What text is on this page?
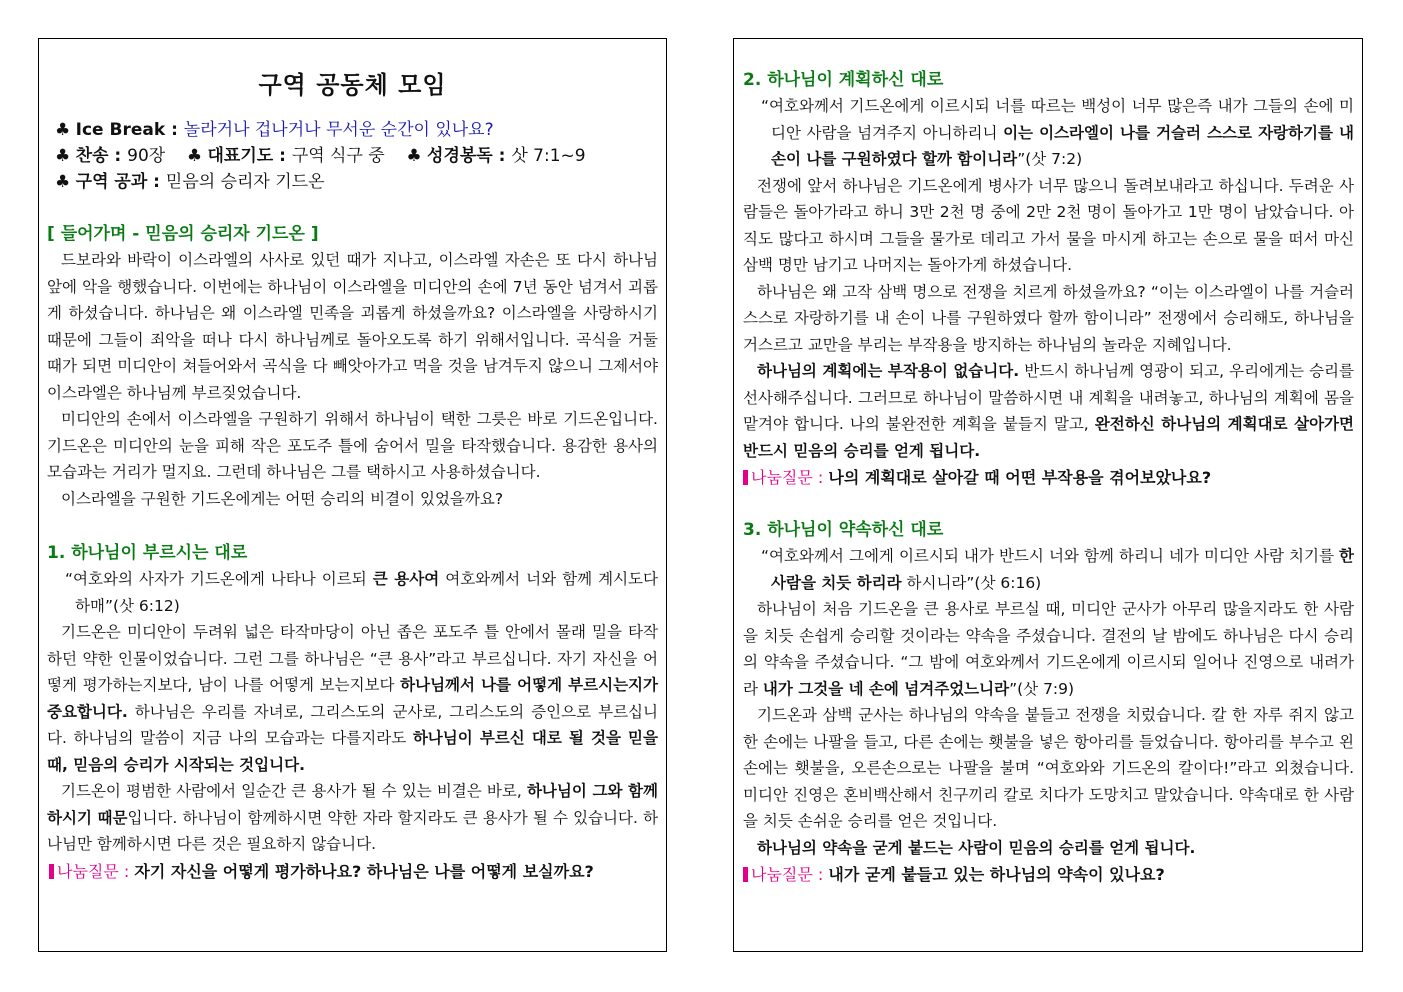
구역 공동체 모임
♣ Ice Break : 놀라거나 겁나거나 무서운 순간이 있나요?
♣ 찬송 : 90장 ♣ 대표기도 : 구역 식구 중 ♣ 성경봉독 : 삿 7:1~9
♣ 구역 공과 : 믿음의 승리자 기드온
[ 들어가며 - 믿음의 승리자 기드온 ]

드보라와 바락이 이스라엘의 사사로 있던 때가 지나고, 이스라엘 자손은 또 다시 하나님 앞에 악을 행했습니다. 이번에는 하나님이 이스라엘을 미디안의 손에 7년 동안 넘겨서 괴롭게 하셨습니다. 하나님은 왜 이스라엘 민족을 괴롭게 하셨을까요? 이스라엘을 사랑하시기 때문에 그들이 죄악을 떠나 다시 하나님께로 돌아오도록 하기 위해서입니다. 곡식을 거둘 때가 되면 미디안이 쳐들어와서 곡식을 다 빼앗아가고 먹을 것을 남겨두지 않으니 그제서야 이스라엘은 하나님께 부르짖었습니다.

미디안의 손에서 이스라엘을 구원하기 위해서 하나님이 택한 그릇은 바로 기드온입니다. 기드온은 미디안의 눈을 피해 작은 포도주 틀에 숨어서 밀을 타작했습니다. 용감한 용사의 모습과는 거리가 멀지요. 그런데 하나님은 그를 택하시고 사용하셨습니다.

이스라엘을 구원한 기드온에게는 어떤 승리의 비결이 있었을까요?

1. 하나님이 부르시는 대로
“여호와의 사자가 기드온에게 나타나 이르되 큰 용사여 여호와께서 너와 함께 계시도다 하매”(삿 6:12)

기드온은 미디안이 두려워 넓은 타작마당이 아닌 좁은 포도주 틀 안에서 몰래 밀을 타작하던 약한 인물이었습니다. 그런 그를 하나님은 “큰 용사”라고 부르십니다. 자기 자신을 어떻게 평가하는지보다, 남이 나를 어떻게 보는지보다 하나님께서 나를 어떻게 부르시는지가 중요합니다. 하나님은 우리를 자녀로, 그리스도의 군사로, 그리스도의 증인으로 부르십니다. 하나님의 말씀이 지금 나의 모습과는 다를지라도 하나님이 부르신 대로 될 것을 믿을 때, 믿음의 승리가 시작되는 것입니다.

기드온이 평범한 사람에서 일순간 큰 용사가 될 수 있는 비결은 바로, 하나님이 그와 함께하시기 때문입니다. 하나님이 함께하시면 약한 자라 할지라도 큰 용사가 될 수 있습니다. 하나님만 함께하시면 다른 것은 필요하지 않습니다.

나눔질문 : 자기 자신을 어떻게 평가하나요? 하나님은 나를 어떻게 보실까요?
2. 하나님이 계획하신 대로
“여호와께서 기드온에게 이르시되 너를 따르는 백성이 너무 많은즉 내가 그들의 손에 미디안 사람을 넘겨주지 아니하리니 이는 이스라엘이 나를 거슬러 스스로 자랑하기를 내 손이 나를 구원하였다 할까 함이니라”(삿 7:2)

전쟁에 앞서 하나님은 기드온에게 병사가 너무 많으니 돌려보내라고 하십니다. 두려운 사람들은 돌아가라고 하니 3만 2천 명 중에 2만 2천 명이 돌아가고 1만 명이 남았습니다. 아직도 많다고 하시며 그들을 물가로 데리고 가서 물을 마시게 하고는 손으로 물을 떠서 마신 삼백 명만 남기고 나머지는 돌아가게 하셨습니다.

하나님은 왜 고작 삼백 명으로 전쟁을 치르게 하셨을까요? “이는 이스라엘이 나를 거슬러 스스로 자랑하기를 내 손이 나를 구원하였다 할까 함이니라” 전쟁에서 승리해도, 하나님을 거스르고 교만을 부리는 부작용을 방지하는 하나님의 놀라운 지혜입니다.

하나님의 계획에는 부작용이 없습니다. 반드시 하나님께 영광이 되고, 우리에게는 승리를 선사해주십니다. 그러므로 하나님이 말씀하시면 내 계획을 내려놓고, 하나님의 계획에 몸을 맡겨야 합니다. 나의 불완전한 계획을 붙들지 말고, 완전하신 하나님의 계획대로 살아가면 반드시 믿음의 승리를 얻게 됩니다.

나눔질문 : 나의 계획대로 살아갈 때 어떤 부작용을 겪어보았나요?
3. 하나님이 약속하신 대로
“여호와께서 그에게 이르시되 내가 반드시 너와 함께 하리니 네가 미디안 사람 치기를 한 사람을 치듯 하리라 하시니라”(삿 6:16)

하나님이 처음 기드온을 큰 용사로 부르실 때, 미디안 군사가 아무리 많을지라도 한 사람을 치듯 손쉽게 승리할 것이라는 약속을 주셨습니다. 결전의 날 밤에도 하나님은 다시 승리의 약속을 주셨습니다. “그 밤에 여호와께서 기드온에게 이르시되 일어나 진영으로 내려가라 내가 그것을 네 손에 넘겨주었느니라”(삿 7:9)

기드온과 삼백 군사는 하나님의 약속을 붙들고 전쟁을 치렀습니다. 칼 한 자루 쥐지 않고 한 손에는 나팔을 들고, 다른 손에는 횃불을 넣은 항아리를 들었습니다. 항아리를 부수고 왼손에는 횃불을, 오른손으로는 나팔을 불며 “여호와와 기드온의 칼이다!”라고 외쳤습니다. 미디안 진영은 혼비백산해서 친구끼리 칼로 치다가 도망치고 말았습니다. 약속대로 한 사람을 치듯 손쉬운 승리를 얻은 것입니다.

하나님의 약속을 굳게 붙드는 사람이 믿음의 승리를 얻게 됩니다.

나눔질문 : 내가 굳게 붙들고 있는 하나님의 약속이 있나요?
